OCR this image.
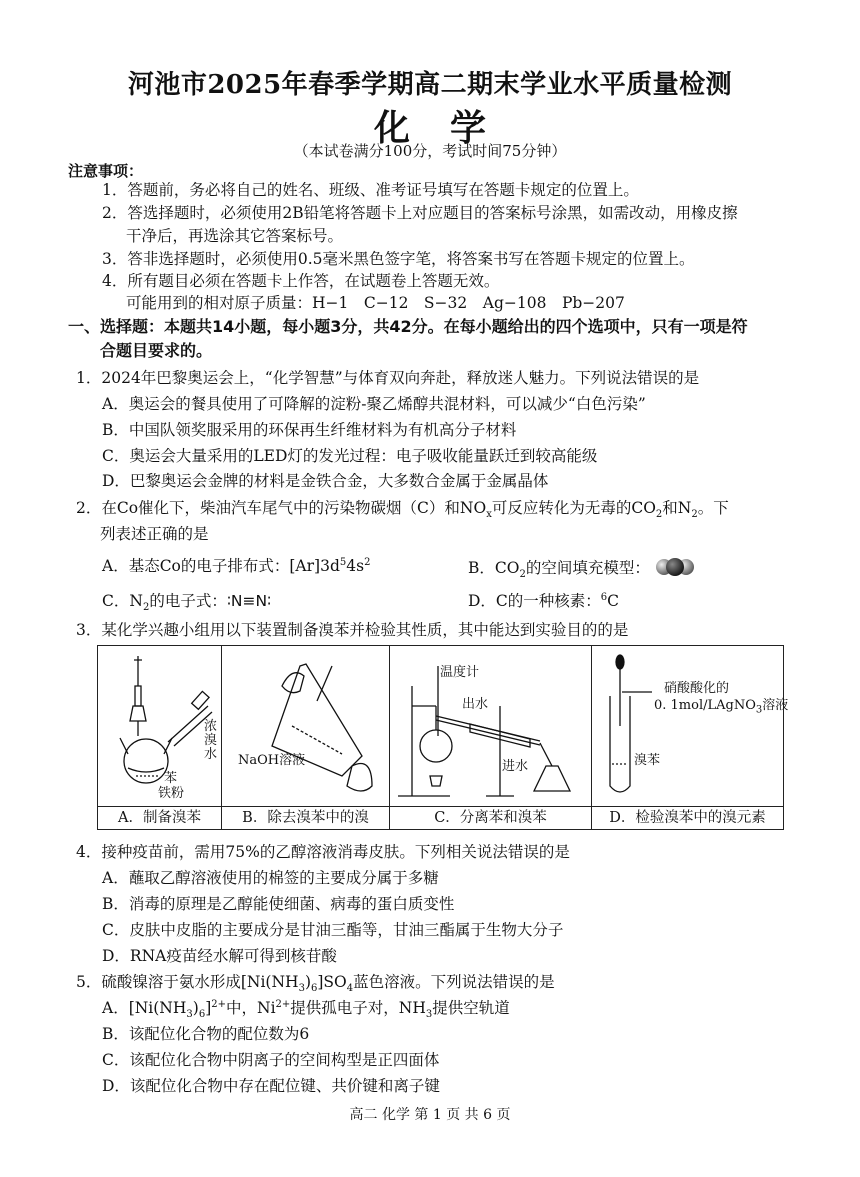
河池市2025年春季学期高二期末学业水平质量检测
化学
（本试卷满分100分，考试时间75分钟）
注意事项：
1．答题前，务必将自己的姓名、班级、准考证号填写在答题卡规定的位置上。
2．答选择题时，必须使用2B铅笔将答题卡上对应题目的答案标号涂黑，如需改动，用橡皮擦
干净后，再选涂其它答案标号。
3．答非选择题时，必须使用0.5毫米黑色签字笔，将答案书写在答题卡规定的位置上。
4．所有题目必须在答题卡上作答，在试题卷上答题无效。
可能用到的相对原子质量：H−1　C−12　S−32　Ag−108　Pb−207
一、选择题：本题共14小题，每小题3分，共42分。在每小题给出的四个选项中，只有一项是符
合题目要求的。
1．2024年巴黎奥运会上，“化学智慧”与体育双向奔赴，释放迷人魅力。下列说法错误的是
A．奥运会的餐具使用了可降解的淀粉-聚乙烯醇共混材料，可以减少“白色污染”
B．中国队领奖服采用的环保再生纤维材料为有机高分子材料
C．奥运会大量采用的LED灯的发光过程：电子吸收能量跃迁到较高能级
D．巴黎奥运会金牌的材料是金铁合金，大多数合金属于金属晶体
2．在Co催化下，柴油汽车尾气中的污染物碳烟（C）和$NO_x$可反应转化为无毒的$CO_2$和$N_2$。下
列表述正确的是
A．基态Co的电子排布式：$[Ar]3d^54s^2$	B．$CO_2$的空间填充模型：
C．$N_2$的电子式：∶N≡N∶	D．C的一种核素：$^6$C
3．某化学兴趣小组用以下装置制备溴苯并检验其性质，其中能达到实验目的的是
浓溴水
苯
铁粉
A．制备溴苯
NaOH溶液
B．除去溴苯中的溴
温度计
出水
进水
C．分离苯和溴苯
硝酸酸化的
0. 1mol/LAgNO$_3$溶液
溴苯
D．检验溴苯中的溴元素
4．接种疫苗前，需用75%的乙醇溶液消毒皮肤。下列相关说法错误的是
A．蘸取乙醇溶液使用的棉签的主要成分属于多糖
B．消毒的原理是乙醇能使细菌、病毒的蛋白质变性
C．皮肤中皮脂的主要成分是甘油三酯等，甘油三酯属于生物大分子
D．RNA疫苗经水解可得到核苷酸
5．硫酸镍溶于氨水形成$[Ni(NH_3)_6]SO_4$蓝色溶液。下列说法错误的是
A．$[Ni(NH_3)_6]^{2+}$中，$Ni^{2+}$提供孤电子对，$NH_3$提供空轨道
B．该配位化合物的配位数为6
C．该配位化合物中阴离子的空间构型是正四面体
D．该配位化合物中存在配位键、共价键和离子键
高二 化学 第 1 页 共 6 页
